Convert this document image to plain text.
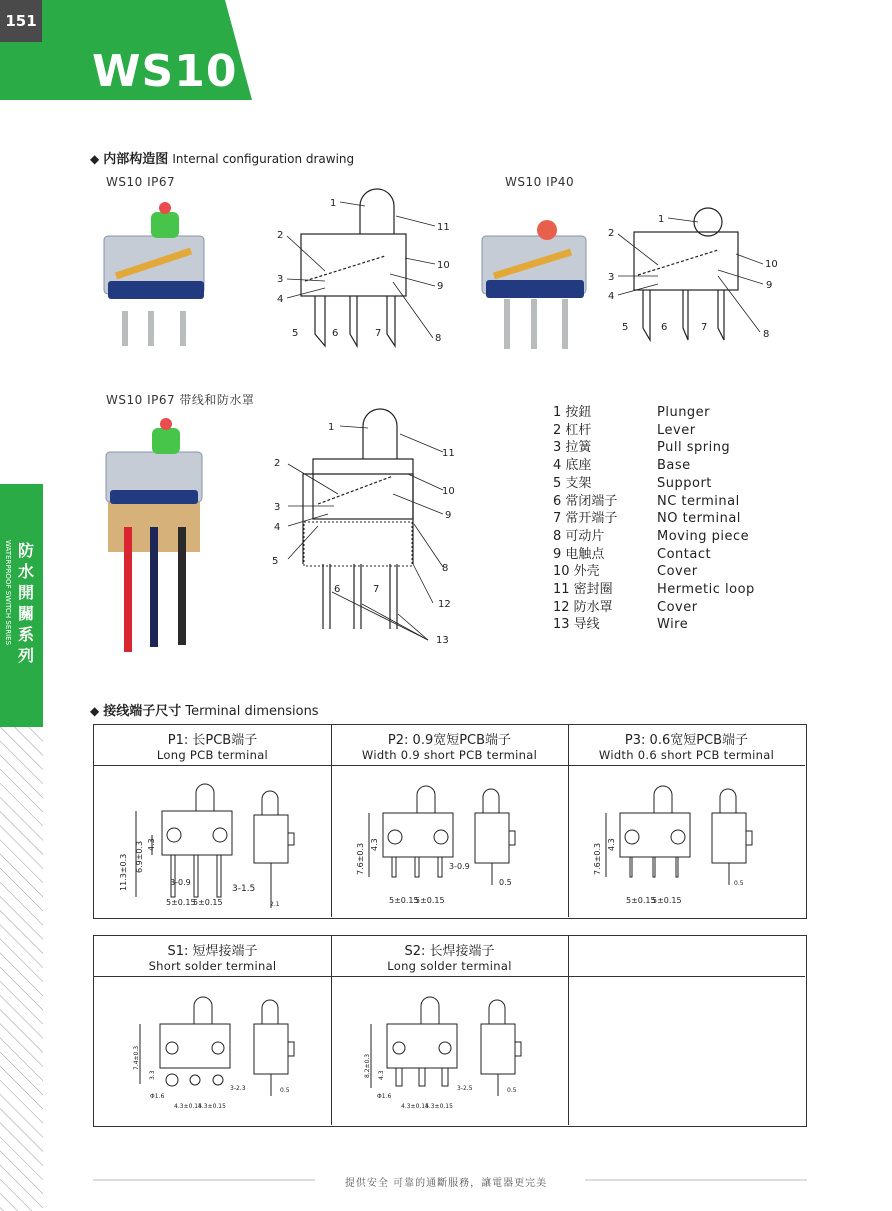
151
WS10
防
水
開
關
系
列
WATERPROOF SWITCH SERIES
◆ 内部构造图 Internal configuration drawing
WS10 IP67	WS10 IP40
WS10 IP67 带线和防水罩
1
2
3
4
5	6	7	8
9
10
11
1
2
3
4
5	6	7
8
9
10
1
2
3
4
5
6	7
8
9
10
11
12
13
1 按鈕	Plunger
2 杠杆	Lever
3 拉簧	Pull spring
4 底座	Base
5 支架	Support
6 常闭端子	NC terminal
7 常开端子	NO terminal
8 可动片	Moving piece
9 电触点	Contact
10 外壳	Cover
11 密封圈	Hermetic loop
12 防水罩	Cover
13 导线	Wire
◆ 接线端子尺寸 Terminal dimensions
P1: 长PCB端子
Long PCB terminal
P2: 0.9宽短PCB端子
Width 0.9 short PCB terminal
P3: 0.6宽短PCB端子
Width 0.6 short PCB terminal
11.3±0.3 6.9±0.3 4.3
3-1.5
3-0.9
5±0.15
5±0.15	2.1
7.6±0.3 4.3
3-0.9
0.5
5±0.15
5±0.15
7.6±0.3 4.3
0.5
5±0.15
5±0.15
S1: 短焊接端子
Short solder terminal
S2: 长焊接端子
Long solder terminal
7.4±0.3
3.3
3-2.3	0.5
Φ1.6
4.3±0.15
4.3±0.15
8.2±0.3 4.3
3-2.5	0.5
Φ1.6
4.3±0.15
4.3±0.15
提供安全 可靠的通斷服務，讓電器更完美
